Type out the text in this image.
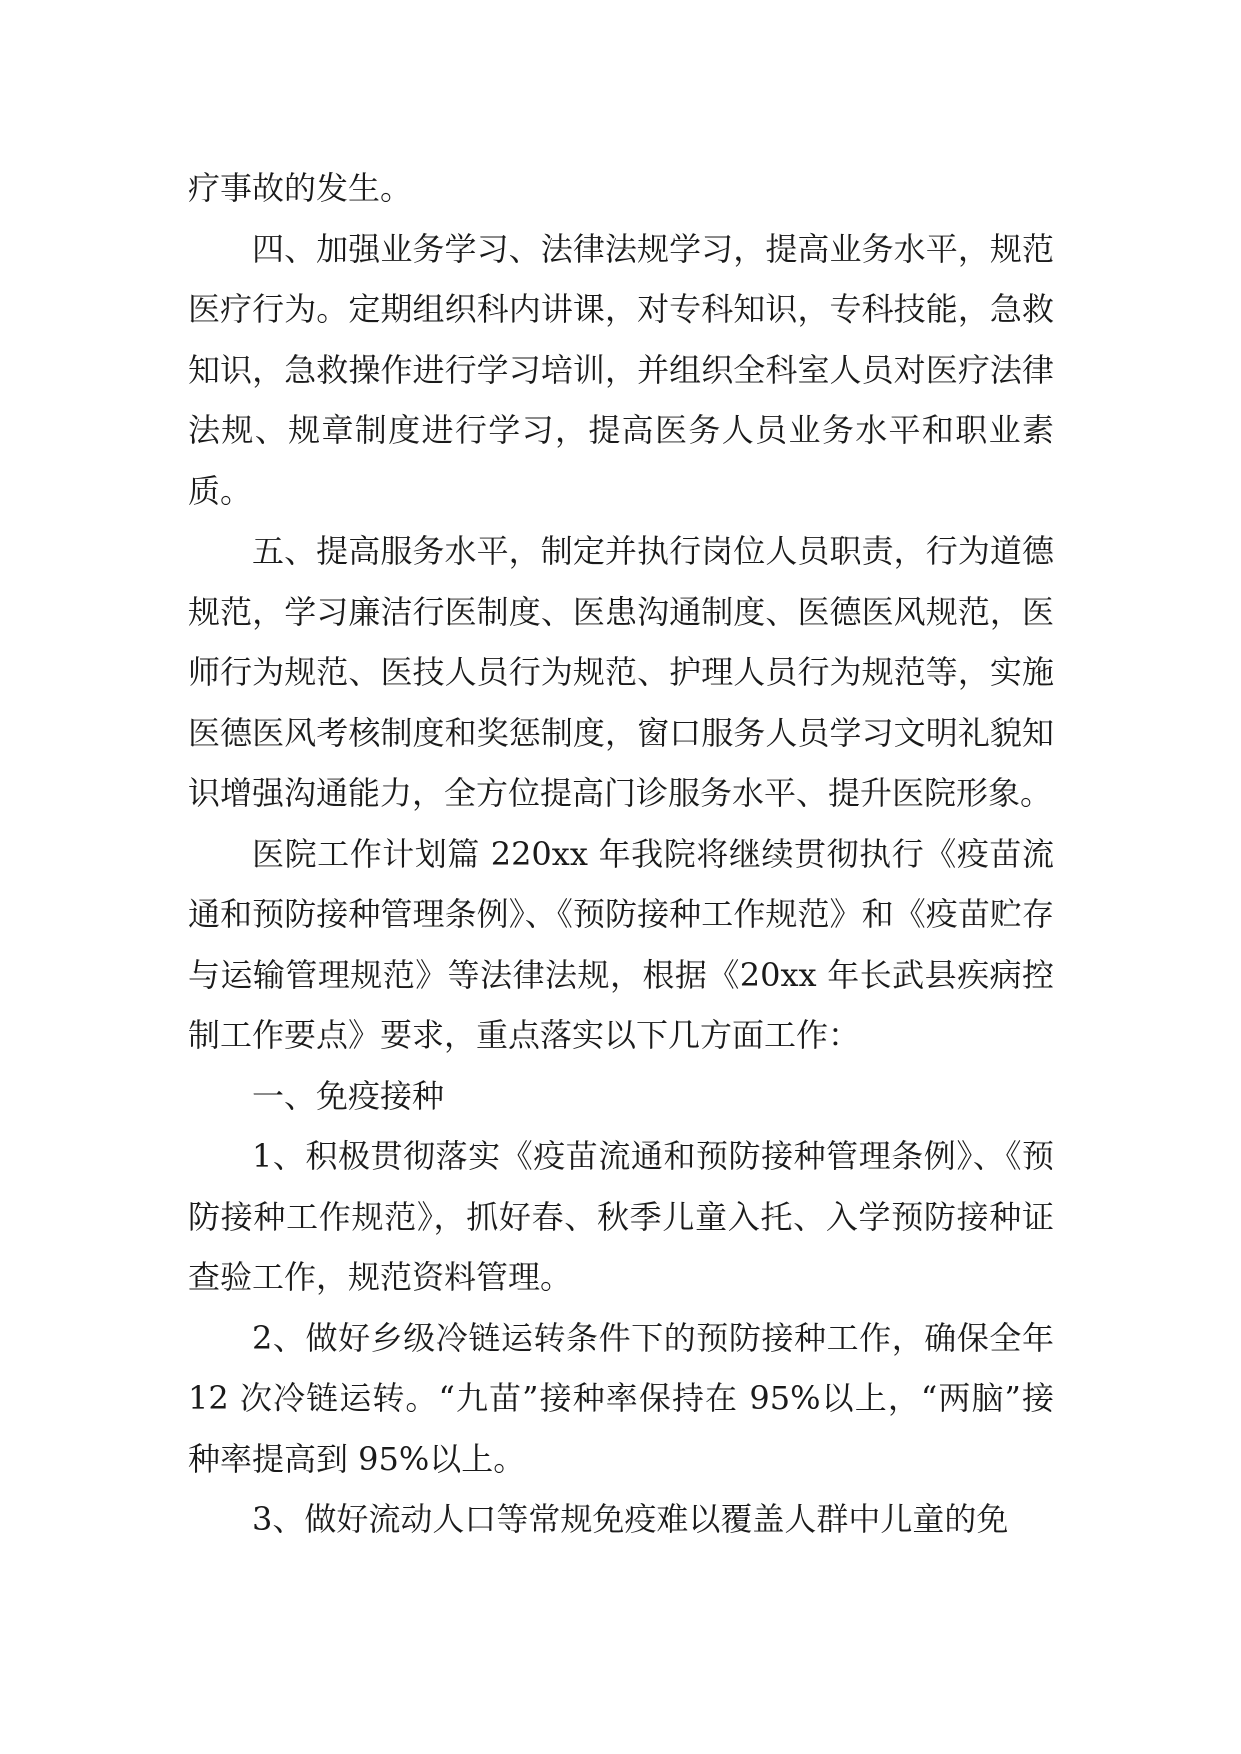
疗事故的发生。

四、加强业务学习、法律法规学习，提高业务水平，规范医疗行为。定期组织科内讲课，对专科知识，专科技能，急救知识，急救操作进行学习培训，并组织全科室人员对医疗法律法规、规章制度进行学习，提高医务人员业务水平和职业素质。

五、提高服务水平，制定并执行岗位人员职责，行为道德规范，学习廉洁行医制度、医患沟通制度、医德医风规范，医师行为规范、医技人员行为规范、护理人员行为规范等，实施医德医风考核制度和奖惩制度，窗口服务人员学习文明礼貌知识增强沟通能力，全方位提高门诊服务水平、提升医院形象。

医院工作计划篇 220xx 年我院将继续贯彻执行《疫苗流通和预防接种管理条例》、《预防接种工作规范》和《疫苗贮存与运输管理规范》等法律法规，根据《20xx 年长武县疾病控制工作要点》要求，重点落实以下几方面工作：

一、免疫接种

1、积极贯彻落实《疫苗流通和预防接种管理条例》、《预防接种工作规范》，抓好春、秋季儿童入托、入学预防接种证查验工作，规范资料管理。

2、做好乡级冷链运转条件下的预防接种工作，确保全年 12 次冷链运转。“九苗”接种率保持在 95%以上，“两脑”接种率提高到 95%以上。

3、做好流动人口等常规免疫难以覆盖人群中儿童的免
